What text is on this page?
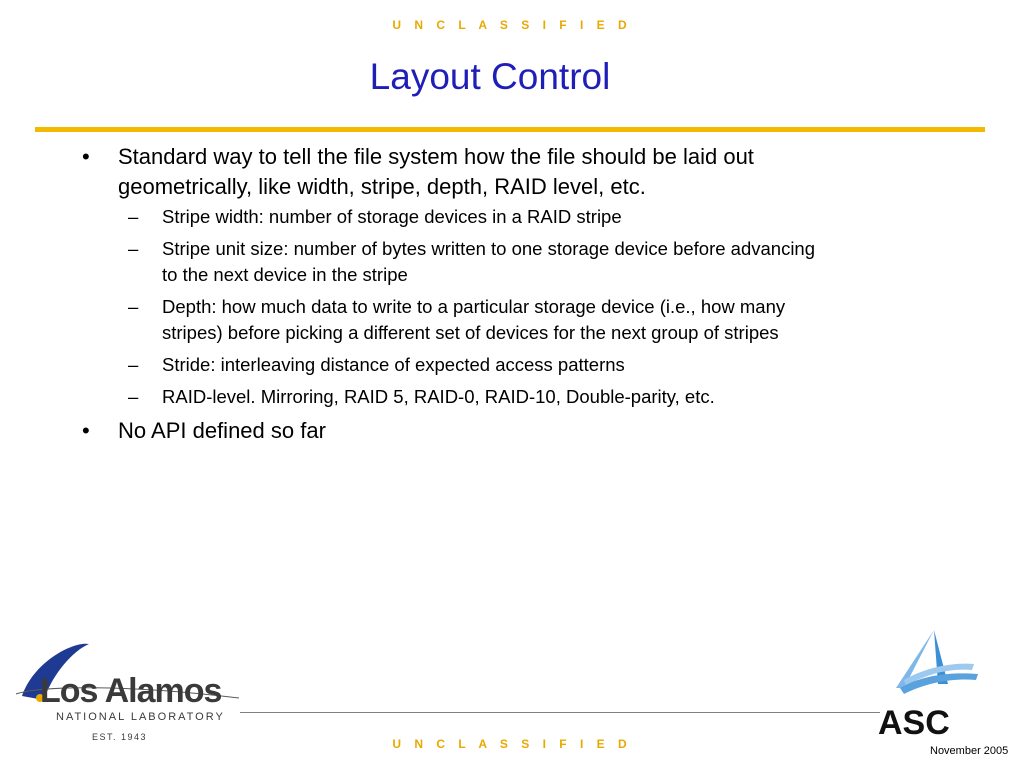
U N C L A S S I F I E D
Layout Control
• Standard way to tell the file system how the file should be laid out geometrically, like width, stripe, depth, RAID level, etc.
– Stripe width: number of storage devices in a RAID stripe
– Stripe unit size: number of bytes written to one storage device before advancing to the next device in the stripe
– Depth: how much data to write to a particular storage device (i.e., how many stripes) before picking a different set of devices for the next group of stripes
– Stride: interleaving distance of expected access patterns
– RAID-level. Mirroring, RAID 5, RAID-0, RAID-10, Double-parity, etc.
• No API defined so far
Los Alamos
NATIONAL LABORATORY
EST. 1943	U N C L A S S I F I E D
ASC
November 2005
